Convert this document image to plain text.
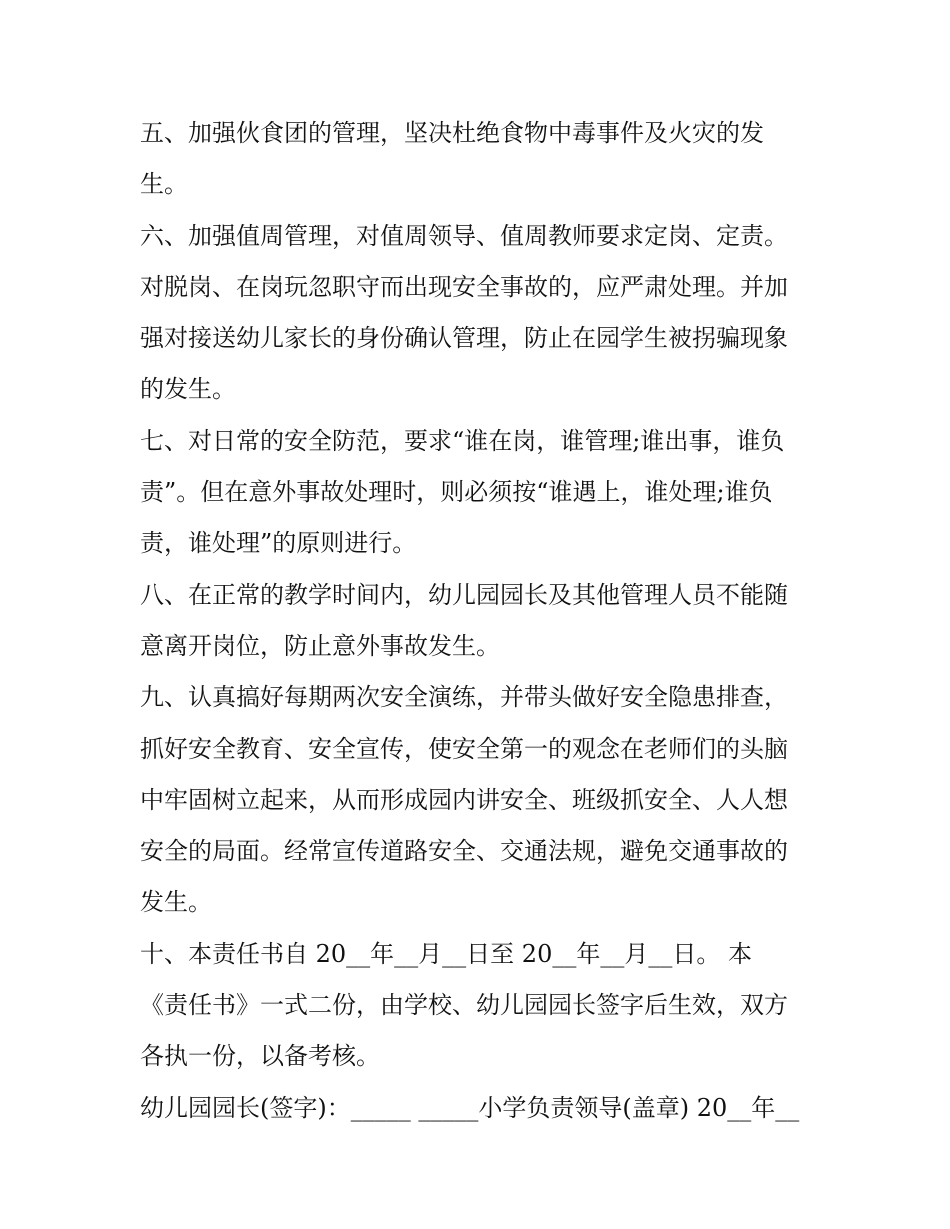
五、加强伙食团的管理，坚决杜绝食物中毒事件及火灾的发
生。

六、加强值周管理，对值周领导、值周教师要求定岗、定责。
对脱岗、在岗玩忽职守而出现安全事故的，应严肃处理。并加
强对接送幼儿家长的身份确认管理，防止在园学生被拐骗现象
的发生。

七、对日常的安全防范，要求“谁在岗，谁管理;谁出事，谁负
责”。但在意外事故处理时，则必须按“谁遇上，谁处理;谁负
责，谁处理”的原则进行。

八、在正常的教学时间内，幼儿园园长及其他管理人员不能随
意离开岗位，防止意外事故发生。

九、认真搞好每期两次安全演练，并带头做好安全隐患排查，
抓好安全教育、安全宣传，使安全第一的观念在老师们的头脑
中牢固树立起来，从而形成园内讲安全、班级抓安全、人人想
安全的局面。经常宣传道路安全、交通法规，避免交通事故的
发生。

十、本责任书自 20__年__月__日至 20__年__月__日。 本
《责任书》一式二份，由学校、幼儿园园长签字后生效，双方
各执一份，以备考核。

幼儿园园长(签字)：_____ _____小学负责领导(盖章) 20__年__
